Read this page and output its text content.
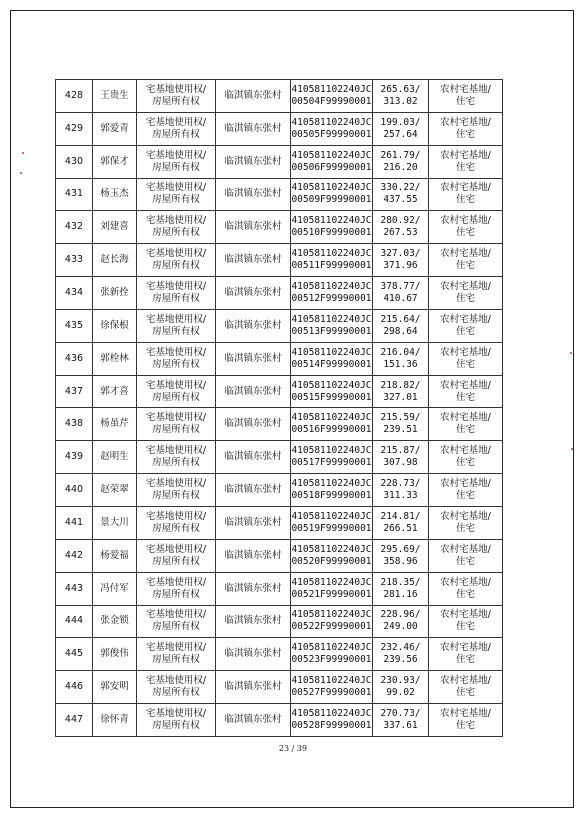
428	王贵生	宅基地使用权/
房屋所有权	临淇镇东张村	410581102240JC
00504F99990001	265.63/
313.02	农村宅基地/
住宅

429	郭爱青	宅基地使用权/
房屋所有权	临淇镇东张村	410581102240JC
00505F99990001	199.03/
257.64	农村宅基地/
住宅

430	郭保才	宅基地使用权/
房屋所有权	临淇镇东张村	410581102240JC
00506F99990001	261.79/
216.20	农村宅基地/
住宅

431	杨玉杰	宅基地使用权/
房屋所有权	临淇镇东张村	410581102240JC
00509F99990001	330.22/
437.55	农村宅基地/
住宅

432	刘建喜	宅基地使用权/
房屋所有权	临淇镇东张村	410581102240JC
00510F99990001	280.92/
267.53	农村宅基地/
住宅

433	赵长海	宅基地使用权/
房屋所有权	临淇镇东张村	410581102240JC
00511F99990001	327.03/
371.96	农村宅基地/
住宅

434	张新拴	宅基地使用权/
房屋所有权	临淇镇东张村	410581102240JC
00512F99990001	378.77/
410.67	农村宅基地/
住宅

435	徐保根	宅基地使用权/
房屋所有权	临淇镇东张村	410581102240JC
00513F99990001	215.64/
298.64	农村宅基地/
住宅

436	郭栓林	宅基地使用权/
房屋所有权	临淇镇东张村	410581102240JC
00514F99990001	216.04/
151.36	农村宅基地/
住宅

437	郭才喜	宅基地使用权/
房屋所有权	临淇镇东张村	410581102240JC
00515F99990001	218.82/
327.01	农村宅基地/
住宅

438	杨虽芹	宅基地使用权/
房屋所有权	临淇镇东张村	410581102240JC
00516F99990001	215.59/
239.51	农村宅基地/
住宅

439	赵明生	宅基地使用权/
房屋所有权	临淇镇东张村	410581102240JC
00517F99990001	215.87/
307.98	农村宅基地/
住宅

440	赵荣翠	宅基地使用权/
房屋所有权	临淇镇东张村	410581102240JC
00518F99990001	228.73/
311.33	农村宅基地/
住宅

441	景大川	宅基地使用权/
房屋所有权	临淇镇东张村	410581102240JC
00519F99990001	214.81/
266.51	农村宅基地/
住宅

442	杨爱福	宅基地使用权/
房屋所有权	临淇镇东张村	410581102240JC
00520F99990001	295.69/
358.96	农村宅基地/
住宅

443	冯付军	宅基地使用权/
房屋所有权	临淇镇东张村	410581102240JC
00521F99990001	218.35/
281.16	农村宅基地/
住宅

444	张金锁	宅基地使用权/
房屋所有权	临淇镇东张村	410581102240JC
00522F99990001	228.96/
249.00	农村宅基地/
住宅

445	郭俊伟	宅基地使用权/
房屋所有权	临淇镇东张村	410581102240JC
00523F99990001	232.46/
239.56	农村宅基地/
住宅

446	郭安明	宅基地使用权/
房屋所有权	临淇镇东张村	410581102240JC
00527F99990001	230.93/
99.02	农村宅基地/
住宅

447	徐怀青	宅基地使用权/
房屋所有权	临淇镇东张村	410581102240JC
00528F99990001	270.73/
337.61	农村宅基地/
住宅
23 / 39
